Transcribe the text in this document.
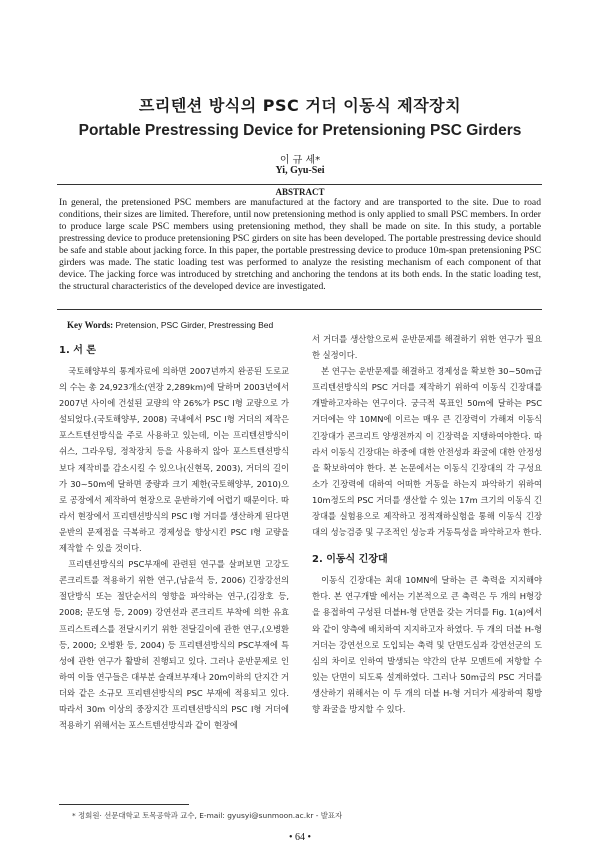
프리텐션 방식의 PSC 거더 이동식 제작장치
Portable Prestressing Device for Pretensioning PSC Girders
이 규 세*
Yi, Gyu-Sei
ABSTRACT

In general, the pretensioned PSC members are manufactured at the factory and are transported to the site. Due to road conditions, their sizes are limited. Therefore, until now pretensioning method is only applied to small PSC members. In order to produce large scale PSC members using pretensioning method, they shall be made on site. In this study, a portable prestressing device to produce pretensioning PSC girders on site has been developed. The portable prestressing device should be safe and stable about jacking force. In this paper, the portable prestressing device to produce 10m-span pretensioning PSC girders was made. The static loading test was performed to analyze the resisting mechanism of each component of that device. The jacking force was introduced by stretching and anchoring the tendons at its both ends. In the static loading test, the structural characteristics of the developed device are investigated.

Key Words: Pretension, PSC Girder, Prestressing Bed
1. 서 론

국토해양부의 통계자료에 의하면 2007년까지 완공된 도로교의 수는 총 24,923개소(연장 2,289km)에 달하며 2003년에서 2007년 사이에 건설된 교량의 약 26%가 PSC I형 교량으로 가설되었다.(국토해양부, 2008) 국내에서 PSC I형 거더의 제작은 포스트텐션방식을 주로 사용하고 있는데, 이는 프리텐션방식이 쉬스, 그라우팅, 정착장치 등을 사용하지 않아 포스트텐션방식 보다 제작비를 감소시킬 수 있으나(신현목, 2003), 거더의 길이가 30~50m에 달하면 중량과 크기 제한(국토해양부, 2010)으로 공장에서 제작하여 현장으로 운반하기에 어렵기 때문이다. 따라서 현장에서 프리텐션방식의 PSC I형 거더를 생산하게 된다면 운반의 문제점을 극복하고 경제성을 향상시킨 PSC I형 교량을 제작할 수 있을 것이다.

프리텐션방식의 PSC부재에 관련된 연구를 살펴보면 고강도 콘크리트를 적용하기 위한 연구,(남윤석 등, 2006) 긴장강선의 절단방식 또는 절단순서의 영향을 파악하는 연구,(김장호 등, 2008; 문도영 등, 2009) 강연선과 콘크리트 부착에 의한 유효프리스트레스를 전달시키기 위한 전달길이에 관한 연구,(오병환 등, 2000; 오병환 등, 2004) 등 프리텐션방식의 PSC부재에 특성에 관한 연구가 활발히 진행되고 있다. 그러나 운반문제로 인하여 이들 연구들은 대부분 슬래브부재나 20m이하의 단지간 거더와 같은 소규모 프리텐션방식의 PSC 부재에 적용되고 있다. 따라서 30m 이상의 중장지간 프리텐션방식의 PSC I형 거더에 적용하기 위해서는 포스트텐션방식과 같이 현장에

서 거더를 생산함으로써 운반문제를 해결하기 위한 연구가 필요한 실정이다.

본 연구는 운반문제를 해결하고 경제성을 확보한 30~50m급 프리텐션방식의 PSC 거더를 제작하기 위하여 이동식 긴장대를 개발하고자하는 연구이다. 궁극적 목표인 50m에 달하는 PSC 거더에는 약 10MN에 이르는 매우 큰 긴장력이 가해져 이동식 긴장대가 콘크리트 양생전까지 이 긴장력을 지탱하여야한다. 따라서 이동식 긴장대는 하중에 대한 안전성과 좌굴에 대한 안정성을 확보하여야 한다. 본 논문에서는 이동식 긴장대의 각 구성요소가 긴장력에 대하여 어떠한 거동을 하는지 파악하기 위하여 10m정도의 PSC 거더를 생산할 수 있는 17m 크기의 이동식 긴장대를 실험용으로 제작하고 정적재하실험을 통해 이동식 긴장대의 성능검증 및 구조적인 성능과 거동특성을 파악하고자 한다.

2. 이동식 긴장대

이동식 긴장대는 최대 10MN에 달하는 큰 축력을 지지해야 한다. 본 연구개발 에서는 기본적으로 큰 축력은 두 개의 H형강을 용접하여 구성된 더블H-형 단면을 갖는 거더를 Fig. 1(a)에서와 같이 양측에 배치하여 지지하고자 하였다. 두 개의 더블 H-형 거더는 강연선으로 도입되는 축력 및 단면도심과 강연선군의 도심의 차이로 인하여 발생되는 약간의 단부 모멘트에 저항할 수 있는 단면이 되도록 설계하였다. 그러나 50m급의 PSC 거더를 생산하기 위해서는 이 두 개의 더블 H-형 거더가 세장하여 횡방향 좌굴을 방지할 수 있다.

* 정회원· 선문대학교 토목공학과 교수, E-mail: gyusyi@sunmoon.ac.kr - 발표자
• 64 •
